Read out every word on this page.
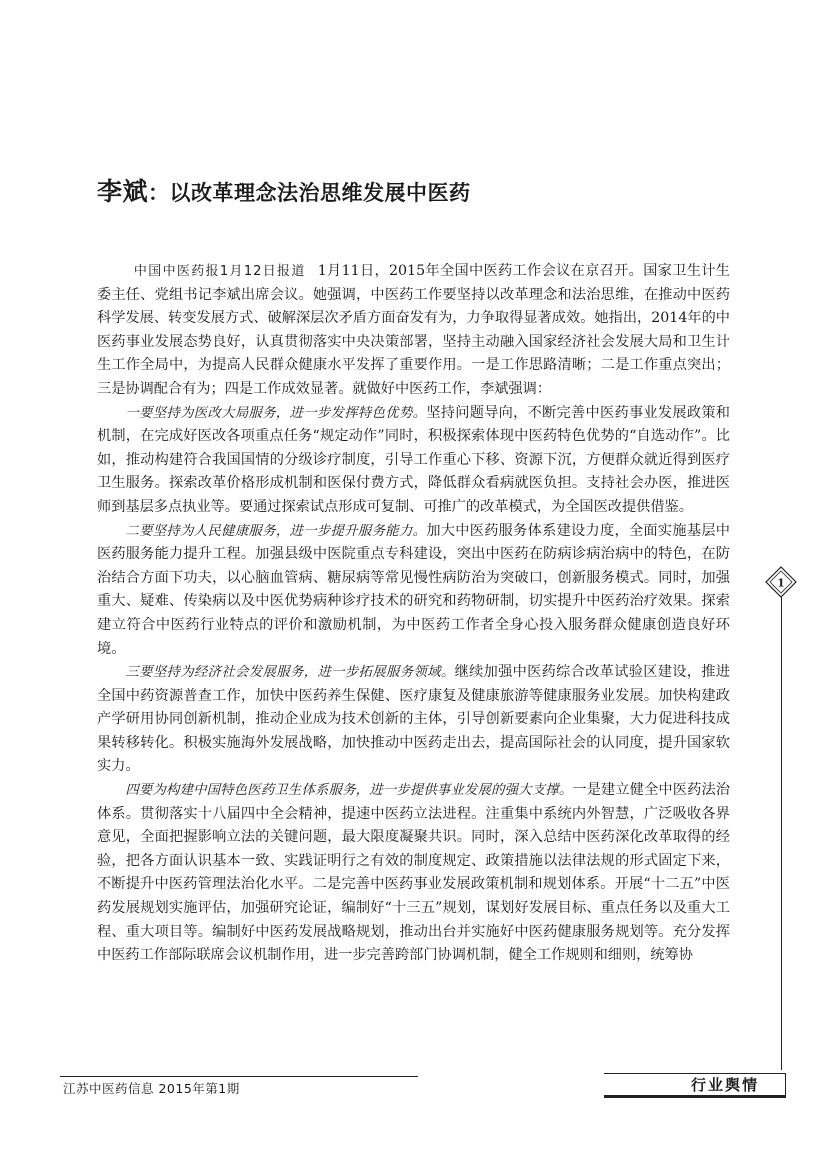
李斌：以改革理念法治思维发展中医药

中国中医药报1月12日报道 1月11日，2015年全国中医药工作会议在京召开。国家卫生计生委主任、党组书记李斌出席会议。她强调，中医药工作要坚持以改革理念和法治思维，在推动中医药科学发展、转变发展方式、破解深层次矛盾方面奋发有为，力争取得显著成效。她指出，2014年的中医药事业发展态势良好，认真贯彻落实中央决策部署，坚持主动融入国家经济社会发展大局和卫生计生工作全局中，为提高人民群众健康水平发挥了重要作用。一是工作思路清晰；二是工作重点突出；三是协调配合有为；四是工作成效显著。就做好中医药工作，李斌强调：

一要坚持为医改大局服务，进一步发挥特色优势。坚持问题导向，不断完善中医药事业发展政策和机制，在完成好医改各项重点任务“规定动作”同时，积极探索体现中医药特色优势的“自选动作”。比如，推动构建符合我国国情的分级诊疗制度，引导工作重心下移、资源下沉，方便群众就近得到医疗卫生服务。探索改革价格形成机制和医保付费方式，降低群众看病就医负担。支持社会办医，推进医师到基层多点执业等。要通过探索试点形成可复制、可推广的改革模式，为全国医改提供借鉴。

二要坚持为人民健康服务，进一步提升服务能力。加大中医药服务体系建设力度，全面实施基层中医药服务能力提升工程。加强县级中医院重点专科建设，突出中医药在防病诊病治病中的特色，在防治结合方面下功夫，以心脑血管病、糖尿病等常见慢性病防治为突破口，创新服务模式。同时，加强重大、疑难、传染病以及中医优势病种诊疗技术的研究和药物研制，切实提升中医药治疗效果。探索建立符合中医药行业特点的评价和激励机制，为中医药工作者全身心投入服务群众健康创造良好环境。

三要坚持为经济社会发展服务，进一步拓展服务领域。继续加强中医药综合改革试验区建设，推进全国中药资源普查工作，加快中医药养生保健、医疗康复及健康旅游等健康服务业发展。加快构建政产学研用协同创新机制，推动企业成为技术创新的主体，引导创新要素向企业集聚，大力促进科技成果转移转化。积极实施海外发展战略，加快推动中医药走出去，提高国际社会的认同度，提升国家软实力。

四要为构建中国特色医药卫生体系服务，进一步提供事业发展的强大支撑。一是建立健全中医药法治体系。贯彻落实十八届四中全会精神，提速中医药立法进程。注重集中系统内外智慧，广泛吸收各界意见，全面把握影响立法的关键问题，最大限度凝聚共识。同时，深入总结中医药深化改革取得的经验，把各方面认识基本一致、实践证明行之有效的制度规定、政策措施以法律法规的形式固定下来，不断提升中医药管理法治化水平。二是完善中医药事业发展政策机制和规划体系。开展“十二五”中医药发展规划实施评估，加强研究论证，编制好“十三五”规划，谋划好发展目标、重点任务以及重大工程、重大项目等。编制好中医药发展战略规划，推动出台并实施好中医药健康服务规划等。充分发挥中医药工作部际联席会议机制作用，进一步完善跨部门协调机制，健全工作规则和细则，统筹协

1

江苏中医药信息 2015年第1期	行业舆情
